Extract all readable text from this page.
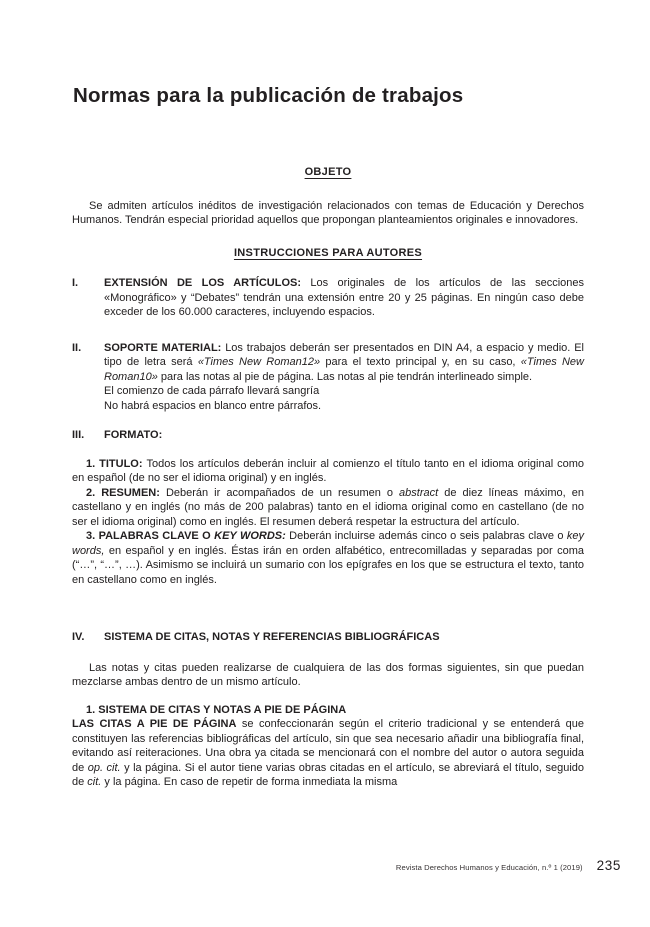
Normas para la publicación de trabajos
OBJETO

Se admiten artículos inéditos de investigación relacionados con temas de Educación y Derechos Humanos. Tendrán especial prioridad aquellos que propongan planteamientos originales e innovadores.

INSTRUCCIONES PARA AUTORES
I.	EXTENSIÓN DE LOS ARTÍCULOS: Los originales de los artículos de las secciones «Monográfico» y “Debates” tendrán una extensión entre 20 y 25 páginas. En ningún caso debe exceder de los 60.000 caracteres, incluyendo espacios.

II.	SOPORTE MATERIAL: Los trabajos deberán ser presentados en DIN A4, a espacio y medio. El tipo de letra será «Times New Roman12» para el texto principal y, en su caso, «Times New Roman10» para las notas al pie de página. Las notas al pie tendrán interlineado simple.

El comienzo de cada párrafo llevará sangría

No habrá espacios en blanco entre párrafos.

III.	FORMATO:

1. TITULO: Todos los artículos deberán incluir al comienzo el título tanto en el idioma original como en español (de no ser el idioma original) y en inglés.

2. RESUMEN: Deberán ir acompañados de un resumen o abstract de diez líneas máximo, en castellano y en inglés (no más de 200 palabras) tanto en el idioma original como en castellano (de no ser el idioma original) como en inglés. El resumen deberá respetar la estructura del artículo.

3. PALABRAS CLAVE O KEY WORDS: Deberán incluirse además cinco o seis palabras clave o key words, en español y en inglés. Éstas irán en orden alfabético, entrecomilladas y separadas por coma (“…”, “…”, …). Asimismo se incluirá un sumario con los epígrafes en los que se estructura el texto, tanto en castellano como en inglés.

IV.	SISTEMA DE CITAS, NOTAS Y REFERENCIAS BIBLIOGRÁFICAS

Las notas y citas pueden realizarse de cualquiera de las dos formas siguientes, sin que puedan mezclarse ambas dentro de un mismo artículo.

1. SISTEMA DE CITAS Y NOTAS A PIE DE PÁGINA

LAS CITAS A PIE DE PÁGINA se confeccionarán según el criterio tradicional y se entenderá que constituyen las referencias bibliográficas del artículo, sin que sea necesario añadir una bibliografía final, evitando así reiteraciones. Una obra ya citada se mencionará con el nombre del autor o autora seguida de op. cit. y la página. Si el autor tiene varias obras citadas en el artículo, se abreviará el título, seguido de cit. y la página. En caso de repetir de forma inmediata la misma

Revista Derechos Humanos y Educación, n.º 1 (2019) 235
